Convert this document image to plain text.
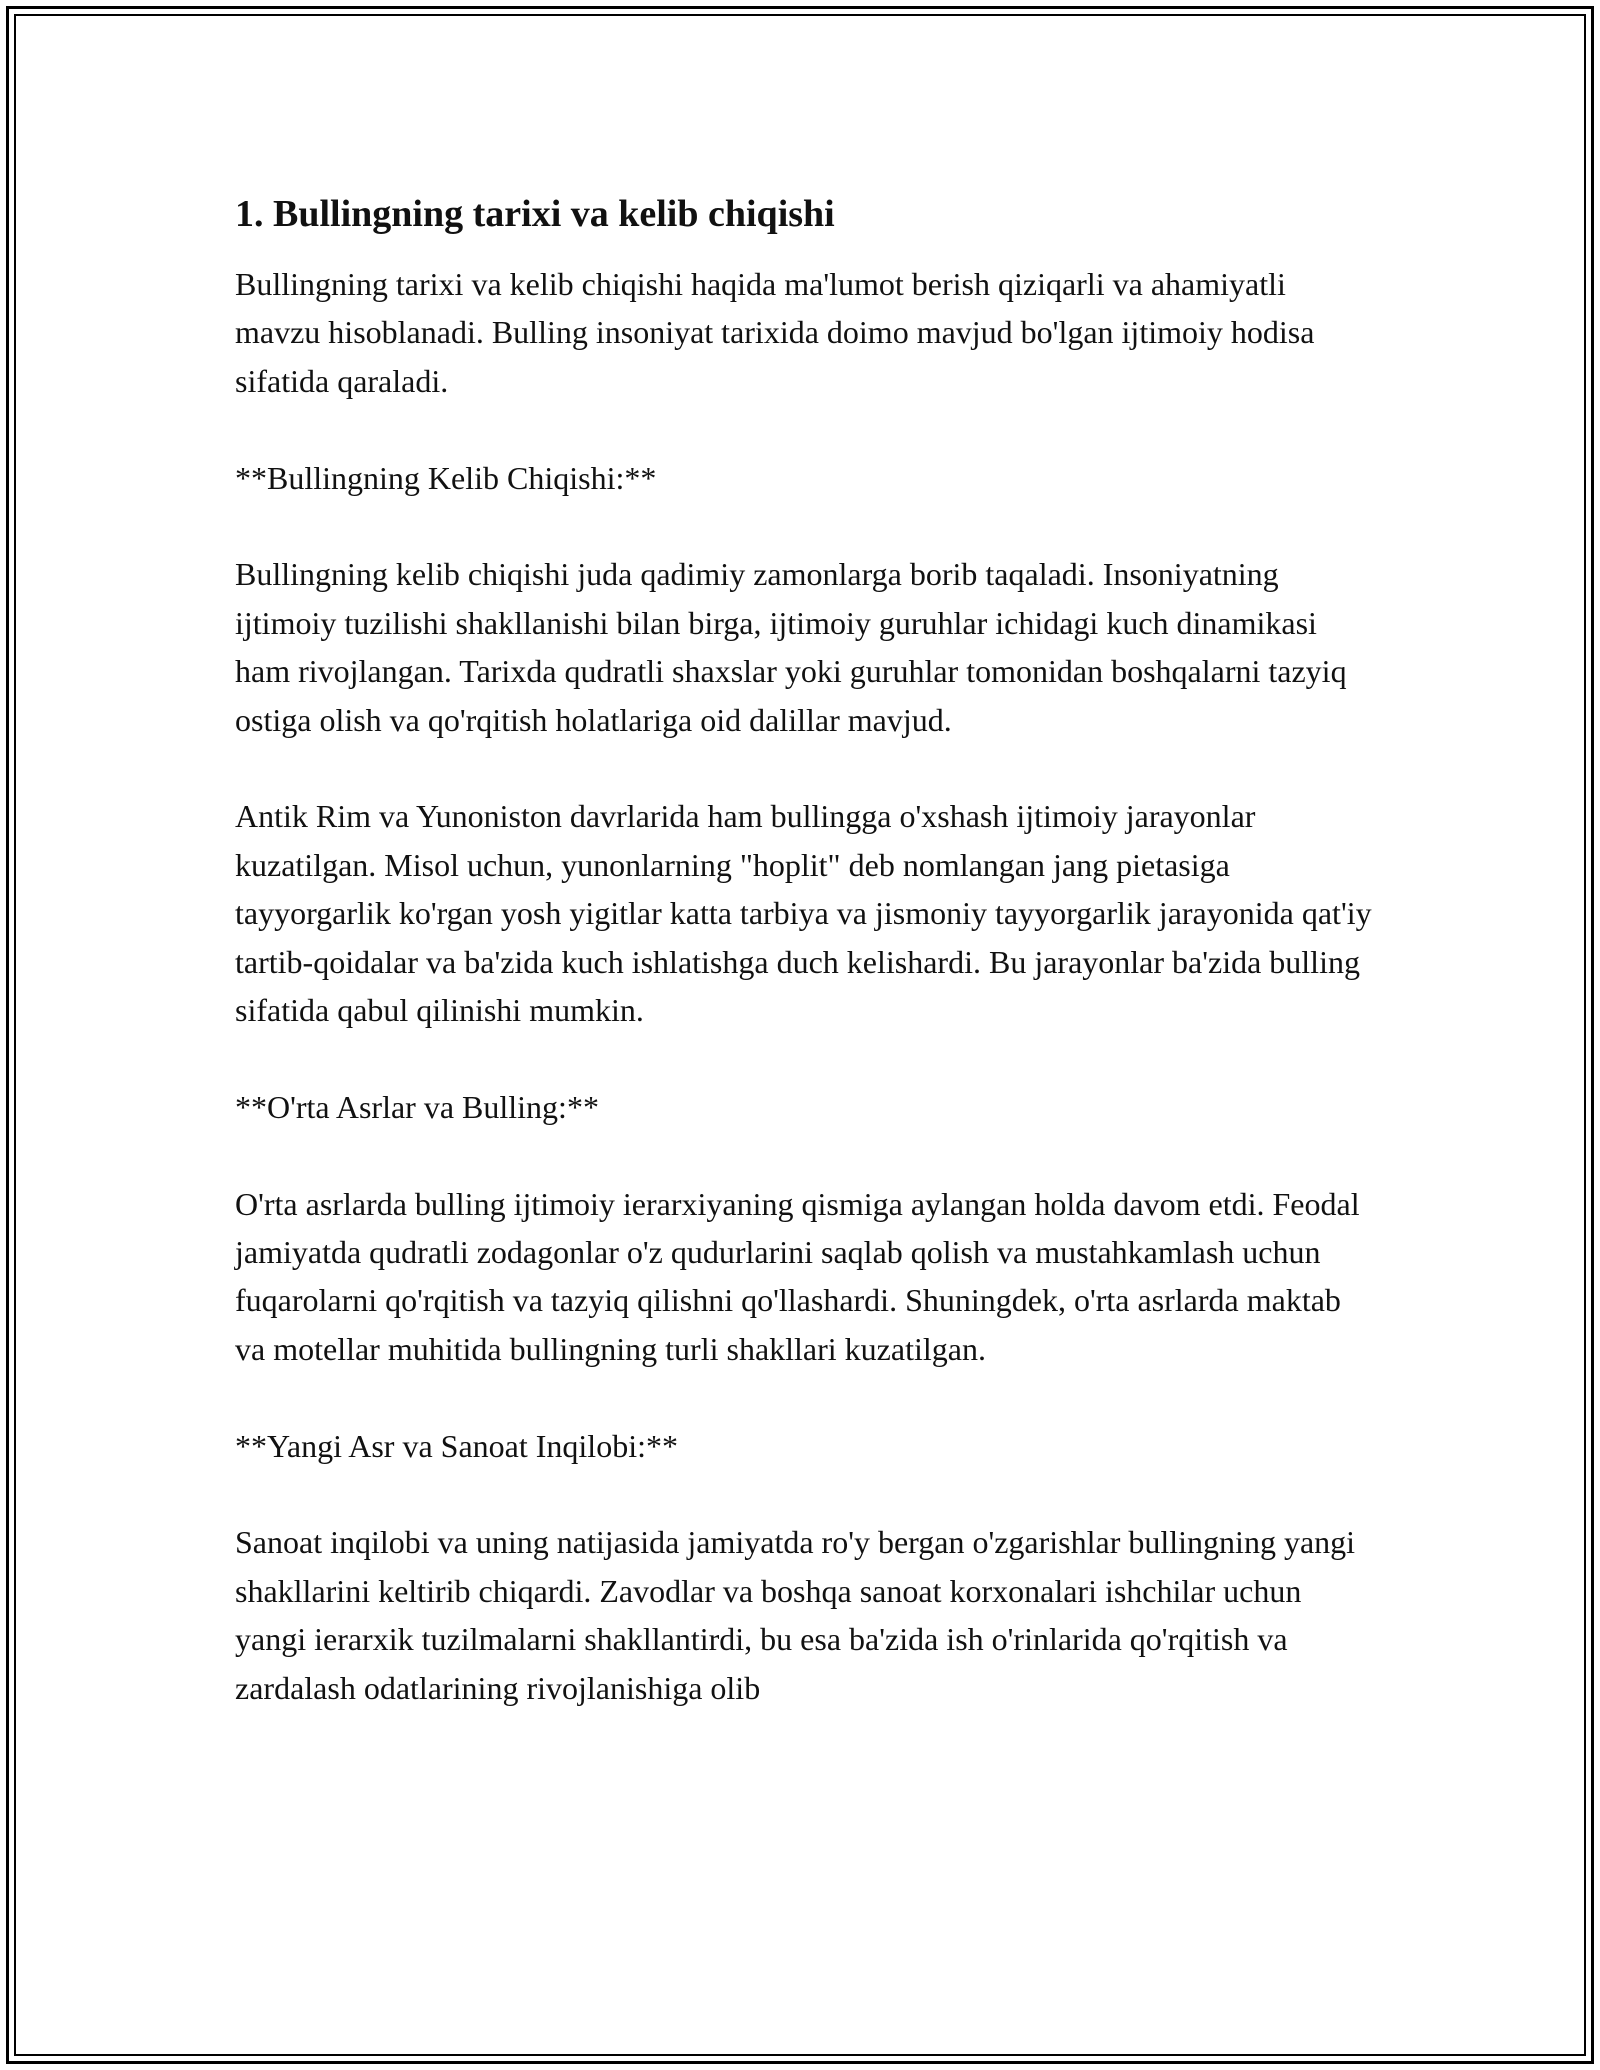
1. Bullingning tarixi va kelib chiqishi

Bullingning tarixi va kelib chiqishi haqida ma'lumot berish qiziqarli va ahamiyatli mavzu hisoblanadi. Bulling insoniyat tarixida doimo mavjud bo'lgan ijtimoiy hodisa sifatida qaraladi.

**Bullingning Kelib Chiqishi:**

Bullingning kelib chiqishi juda qadimiy zamonlarga borib taqaladi. Insoniyatning ijtimoiy tuzilishi shakllanishi bilan birga, ijtimoiy guruhlar ichidagi kuch dinamikasi ham rivojlangan. Tarixda qudratli shaxslar yoki guruhlar tomonidan boshqalarni tazyiq ostiga olish va qo'rqitish holatlariga oid dalillar mavjud.

Antik Rim va Yunoniston davrlarida ham bullingga o'xshash ijtimoiy jarayonlar kuzatilgan. Misol uchun, yunonlarning "hoplit" deb nomlangan jang pietasiga tayyorgarlik ko'rgan yosh yigitlar katta tarbiya va jismoniy tayyorgarlik jarayonida qat'iy tartib-qoidalar va ba'zida kuch ishlatishga duch kelishardi. Bu jarayonlar ba'zida bulling sifatida qabul qilinishi mumkin.

**O'rta Asrlar va Bulling:**

O'rta asrlarda bulling ijtimoiy ierarxiyaning qismiga aylangan holda davom etdi. Feodal jamiyatda qudratli zodagonlar o'z qudurlarini saqlab qolish va mustahkamlash uchun fuqarolarni qo'rqitish va tazyiq qilishni qo'llashardi. Shuningdek, o'rta asrlarda maktab va motellar muhitida bullingning turli shakllari kuzatilgan.

**Yangi Asr va Sanoat Inqilobi:**

Sanoat inqilobi va uning natijasida jamiyatda ro'y bergan o'zgarishlar bullingning yangi shakllarini keltirib chiqardi. Zavodlar va boshqa sanoat korxonalari ishchilar uchun yangi ierarxik tuzilmalarni shakllantirdi, bu esa ba'zida ish o'rinlarida qo'rqitish va zardalash odatlarining rivojlanishiga olib
